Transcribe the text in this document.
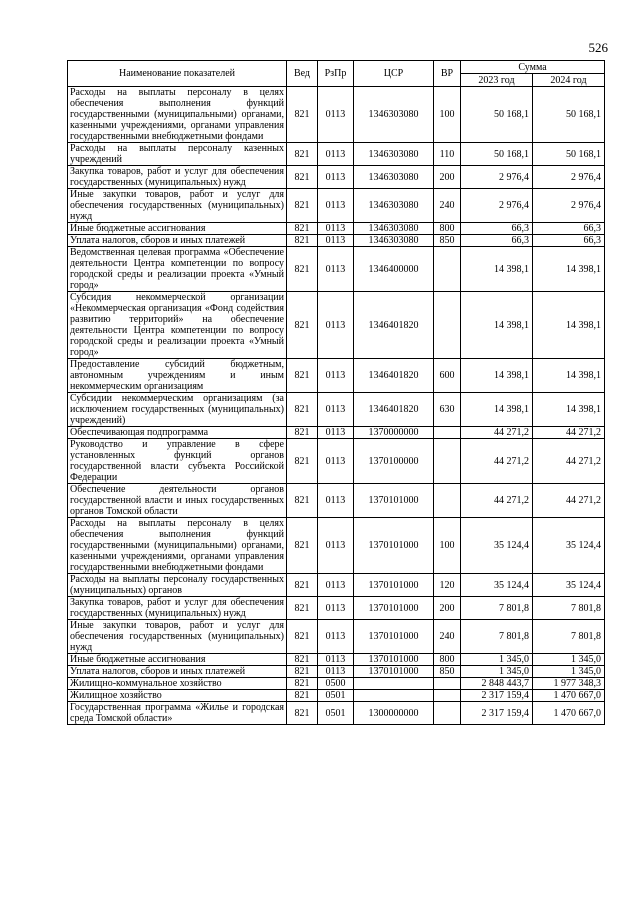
526
Наименование показателей	Вед	РзПр	ЦСР	ВР	Сумма	
					2023 год	2024 год
Расходы на выплаты персоналу в целях обеспечения выполнения функций государственными (муниципальными) органами, казенными учреждениями, органами управления государственными внебюджетными фондами	821	0113	1346303080	100	50 168,1	50 168,1
Расходы на выплаты персоналу казенных учреждений	821	0113	1346303080	110	50 168,1	50 168,1
Закупка товаров, работ и услуг для обеспечения государственных (муниципальных) нужд	821	0113	1346303080	200	2 976,4	2 976,4
Иные закупки товаров, работ и услуг для обеспечения государственных (муниципальных) нужд	821	0113	1346303080	240	2 976,4	2 976,4
Иные бюджетные ассигнования	821	0113	1346303080	800	66,3	66,3
Уплата налогов, сборов и иных платежей	821	0113	1346303080	850	66,3	66,3
Ведомственная целевая программа «Обеспечение деятельности Центра компетенции по вопросу городской среды и реализации проекта «Умный город»	821	0113	1346400000		14 398,1	14 398,1
Субсидия некоммерческой организации «Некоммерческая организация «Фонд содействия развитию территорий» на обеспечение деятельности Центра компетенции по вопросу городской среды и реализации проекта «Умный город»	821	0113	1346401820		14 398,1	14 398,1
Предоставление субсидий бюджетным, автономным учреждениям и иным некоммерческим организациям	821	0113	1346401820	600	14 398,1	14 398,1
Субсидии некоммерческим организациям (за исключением государственных (муниципальных) учреждений)	821	0113	1346401820	630	14 398,1	14 398,1
Обеспечивающая подпрограмма	821	0113	1370000000		44 271,2	44 271,2
Руководство и управление в сфере установленных функций органов государственной власти субъекта Российской Федерации	821	0113	1370100000		44 271,2	44 271,2
Обеспечение деятельности органов государственной власти и иных государственных органов Томской области	821	0113	1370101000		44 271,2	44 271,2
Расходы на выплаты персоналу в целях обеспечения выполнения функций государственными (муниципальными) органами, казенными учреждениями, органами управления государственными внебюджетными фондами	821	0113	1370101000	100	35 124,4	35 124,4
Расходы на выплаты персоналу государственных (муниципальных) органов	821	0113	1370101000	120	35 124,4	35 124,4
Закупка товаров, работ и услуг для обеспечения государственных (муниципальных) нужд	821	0113	1370101000	200	7 801,8	7 801,8
Иные закупки товаров, работ и услуг для обеспечения государственных (муниципальных) нужд	821	0113	1370101000	240	7 801,8	7 801,8
Иные бюджетные ассигнования	821	0113	1370101000	800	1 345,0	1 345,0
Уплата налогов, сборов и иных платежей	821	0113	1370101000	850	1 345,0	1 345,0
Жилищно-коммунальное хозяйство	821	0500			2 848 443,7	1 977 348,3
Жилищное хозяйство	821	0501			2 317 159,4	1 470 667,0
Государственная программа «Жилье и городская среда Томской области»	821	0501	1300000000		2 317 159,4	1 470 667,0
